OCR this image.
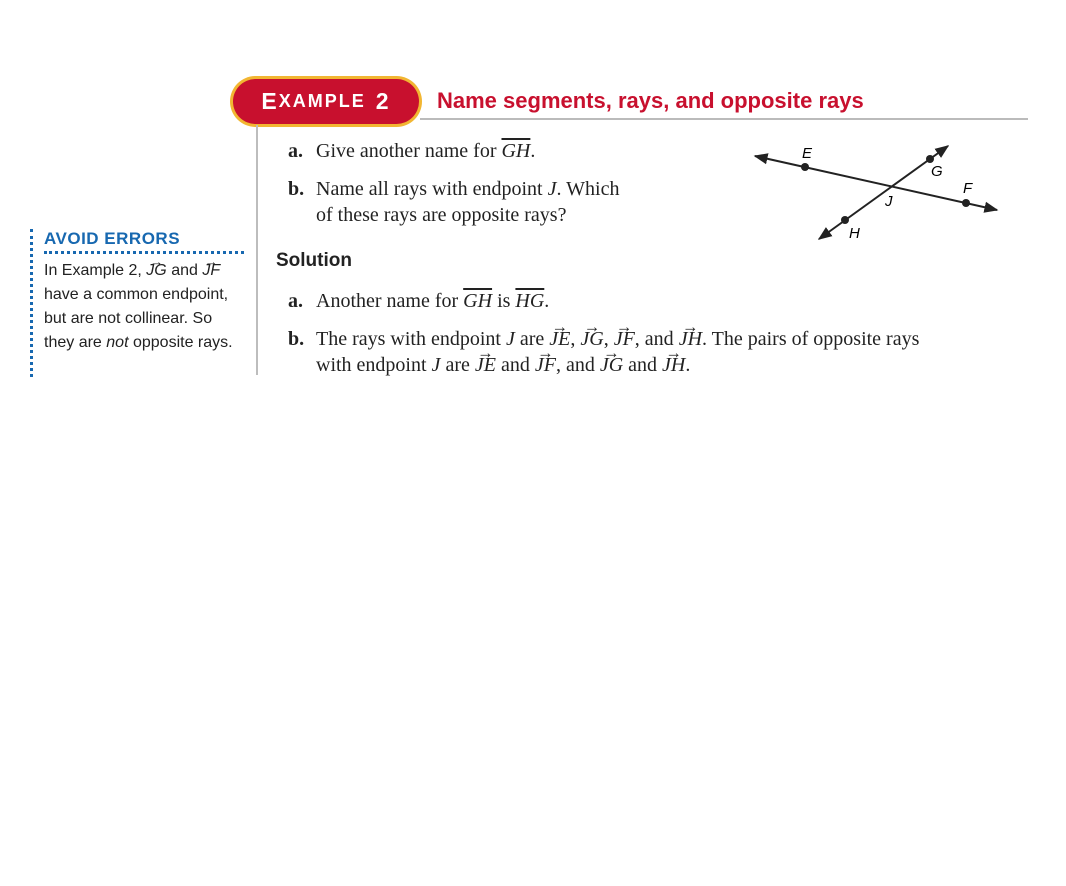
E XAMPLE 2 Name segments, rays, and opposite rays
AVOID ERRORS
In Example 2, → JG and → JF have a common endpoint, but are not collinear. So they are not opposite rays.
a. Give another name for $\overline{GH}$.
b. Name all rays with endpoint J. Which
of these rays are opposite rays?
E
G
F
J
H
Solution
a. Another name for $\overline{GH}$ is $\overline{HG}$.
b. The rays with endpoint J are → JE, → JG, → JF, and → JH. The pairs of opposite rays
with endpoint J are → JE and → JF, and → JG and → JH.
